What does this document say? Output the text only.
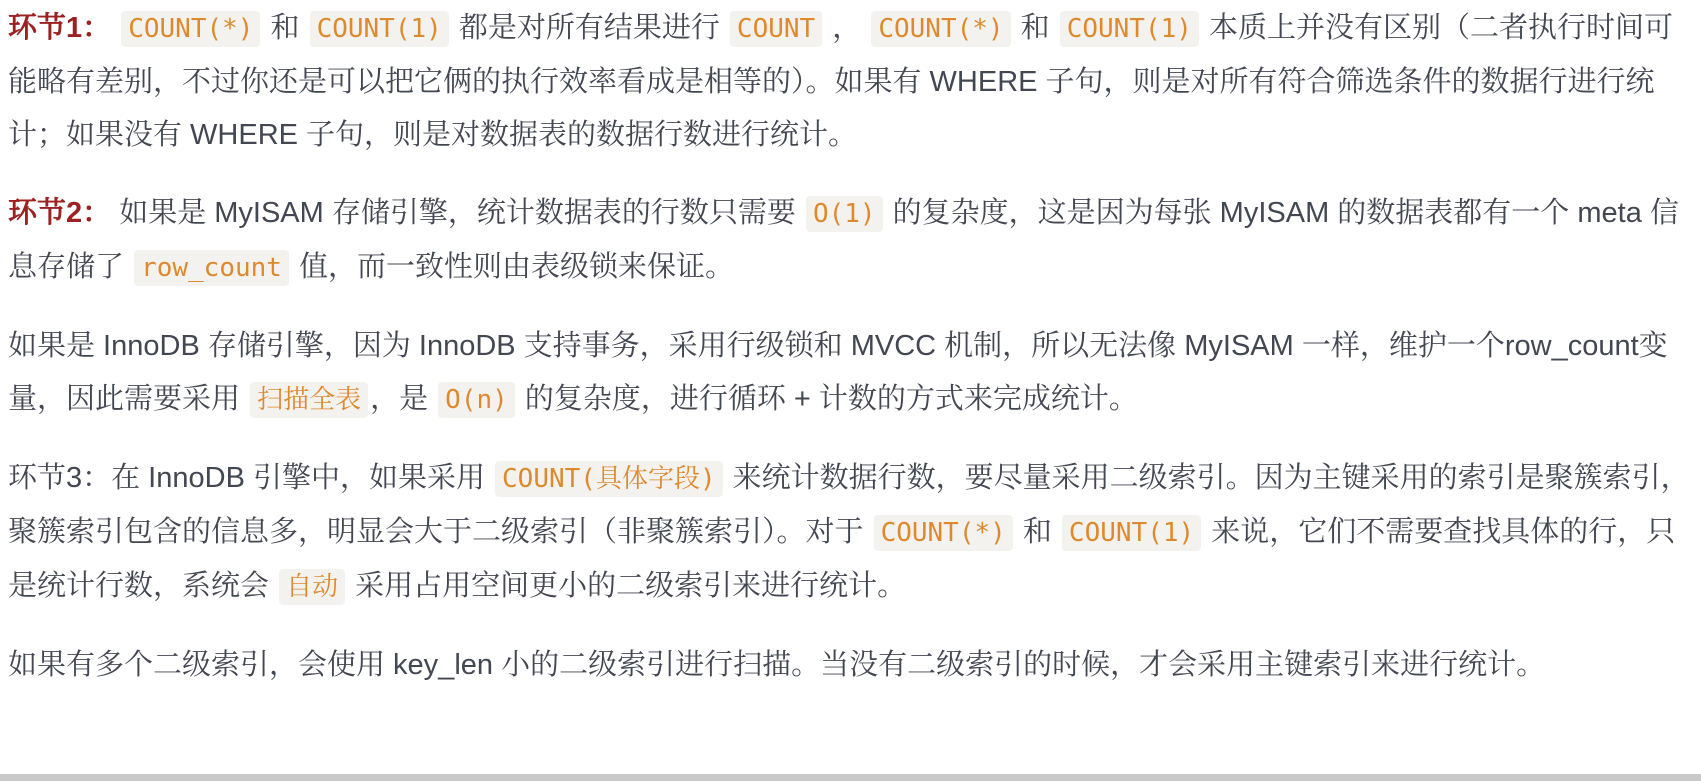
环节1： COUNT(*) 和 COUNT(1) 都是对所有结果进行 COUNT ， COUNT(*) 和 COUNT(1) 本质上并没有区别（二者执行时间可能略有差别，不过你还是可以把它俩的执行效率看成是相等的）。如果有 WHERE 子句，则是对所有符合筛选条件的数据行进行统计；如果没有 WHERE 子句，则是对数据表的数据行数进行统计。

环节2： 如果是 MyISAM 存储引擎，统计数据表的行数只需要 O(1) 的复杂度，这是因为每张 MyISAM 的数据表都有一个 meta 信息存储了 row_count 值，而一致性则由表级锁来保证。

如果是 InnoDB 存储引擎，因为 InnoDB 支持事务，采用行级锁和 MVCC 机制，所以无法像 MyISAM 一样，维护一个row_count变量，因此需要采用 扫描全表 ，是 O(n) 的复杂度，进行循环 + 计数的方式来完成统计。

环节3：在 InnoDB 引擎中，如果采用 COUNT(具体字段) 来统计数据行数，要尽量采用二级索引。因为主键采用的索引是聚簇索引，聚簇索引包含的信息多，明显会大于二级索引（非聚簇索引）。对于 COUNT(*) 和 COUNT(1) 来说，它们不需要查找具体的行，只是统计行数，系统会 自动 采用占用空间更小的二级索引来进行统计。

如果有多个二级索引，会使用 key_len 小的二级索引进行扫描。当没有二级索引的时候，才会采用主键索引来进行统计。
